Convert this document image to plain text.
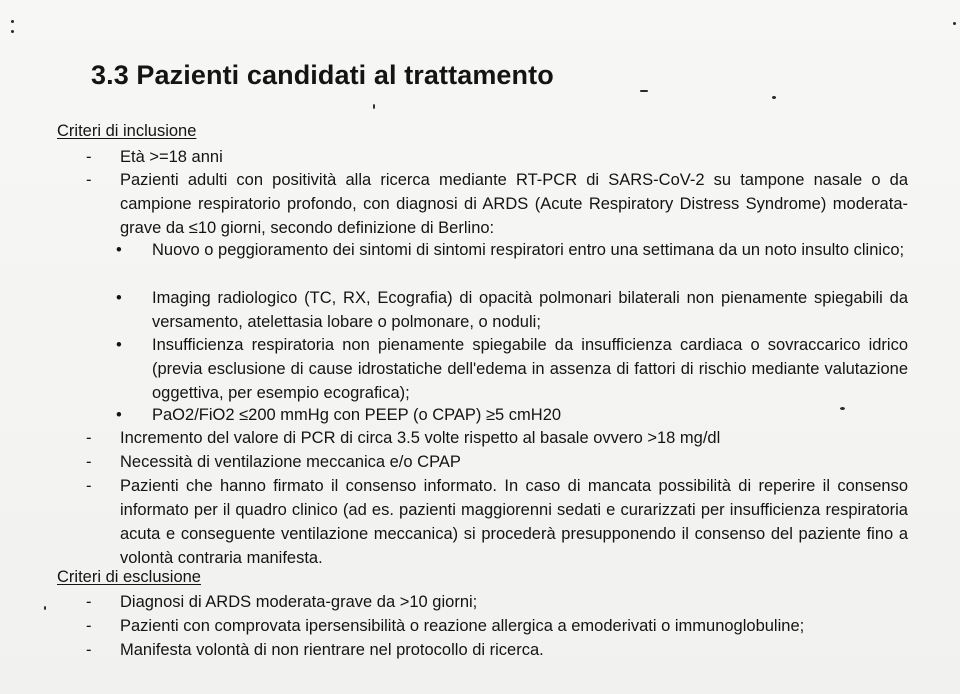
3.3 Pazienti candidati al trattamento
Criteri di inclusione
-	Età >=18 anni
-	Pazienti adulti con positività alla ricerca mediante RT-PCR di SARS-CoV-2 su tampone nasale o da campione respiratorio profondo, con diagnosi di ARDS (Acute Respiratory Distress Syndrome) moderata-grave da ≤10 giorni, secondo definizione di Berlino:
•	Nuovo o peggioramento dei sintomi di sintomi respiratori entro una settimana da un noto insulto clinico;
•	Imaging radiologico (TC, RX, Ecografia) di opacità polmonari bilaterali non pienamente spiegabili da versamento, atelettasia lobare o polmonare, o noduli;
•	Insufficienza respiratoria non pienamente spiegabile da insufficienza cardiaca o sovraccarico idrico (previa esclusione di cause idrostatiche dell'edema in assenza di fattori di rischio mediante valutazione oggettiva, per esempio ecografica);
•	PaO2/FiO2 ≤200 mmHg con PEEP (o CPAP) ≥5 cmH20
-	Incremento del valore di PCR di circa 3.5 volte rispetto al basale ovvero >18 mg/dl
-	Necessità di ventilazione meccanica e/o CPAP
-	Pazienti che hanno firmato il consenso informato. In caso di mancata possibilità di reperire il consenso informato per il quadro clinico (ad es. pazienti maggiorenni sedati e curarizzati per insufficienza respiratoria acuta e conseguente ventilazione meccanica) si procederà presupponendo il consenso del paziente fino a volontà contraria manifesta.
Criteri di esclusione
-	Diagnosi di ARDS moderata-grave da >10 giorni;
-	Pazienti con comprovata ipersensibilità o reazione allergica a emoderivati o immunoglobuline;
-	Manifesta volontà di non rientrare nel protocollo di ricerca.
